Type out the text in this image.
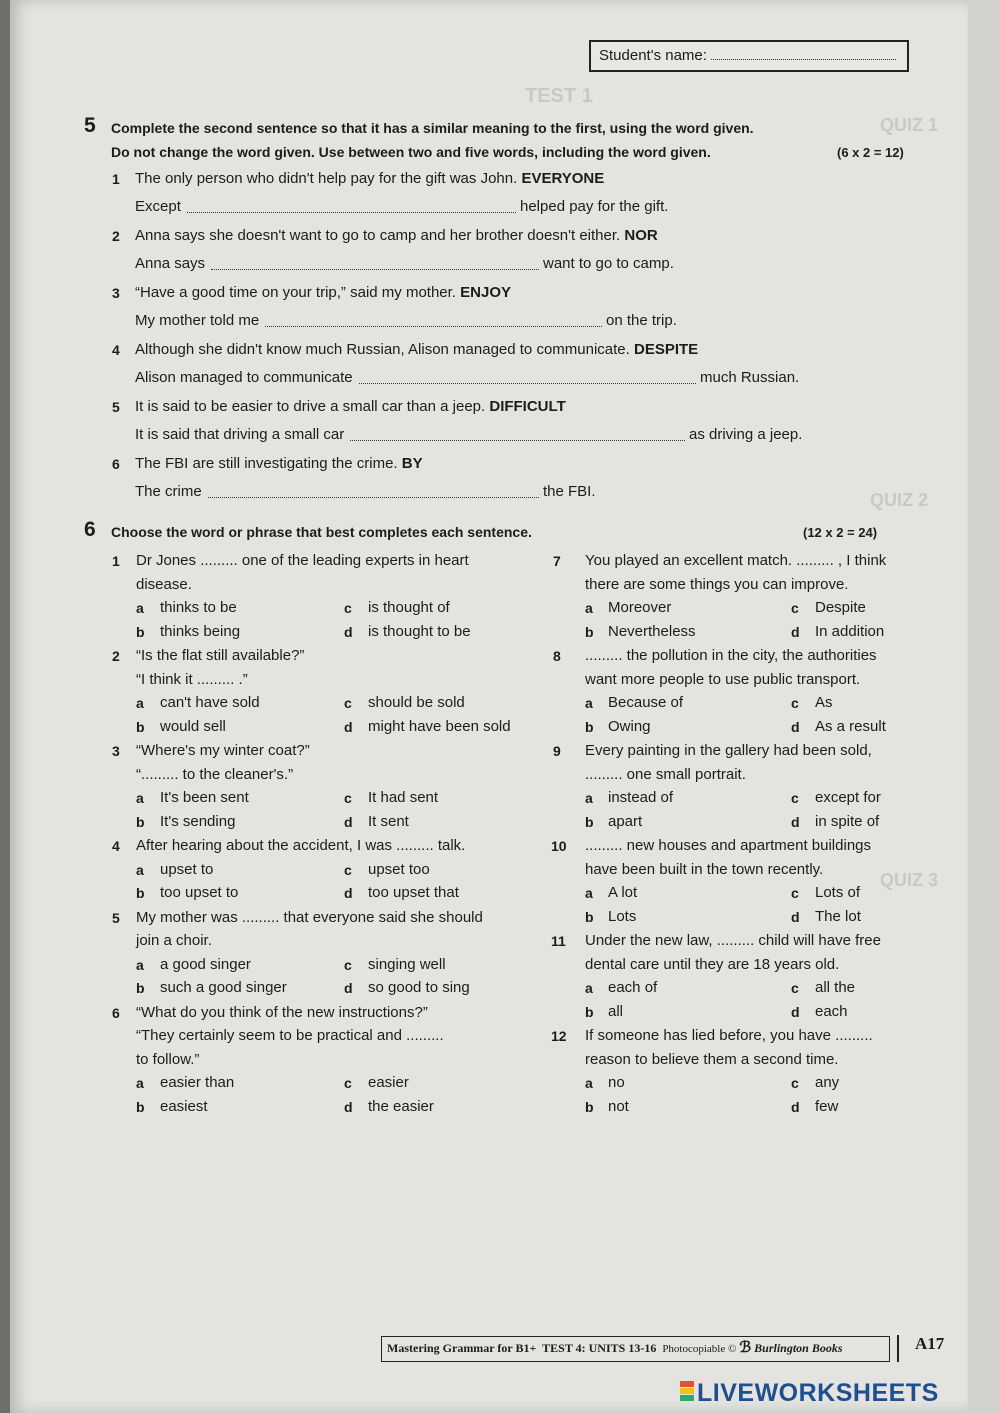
TEST 1
QUIZ 1
QUIZ 2
QUIZ 3
Student's name:
5 Complete the second sentence so that it has a similar meaning to the first, using the word given.
Do not change the word given. Use between two and five words, including the word given.	(6 x 2 = 12)
1 The only person who didn't help pay for the gift was John. EVERYONE
Except	helped pay for the gift.
2 Anna says she doesn't want to go to camp and her brother doesn't either. NOR
Anna says	want to go to camp.
3 “Have a good time on your trip,” said my mother. ENJOY
My mother told me	on the trip.
4 Although she didn't know much Russian, Alison managed to communicate. DESPITE
Alison managed to communicate	much Russian.
5 It is said to be easier to drive a small car than a jeep. DIFFICULT
It is said that driving a small car	as driving a jeep.
6 The FBI are still investigating the crime. BY
The crime	the FBI.
6 Choose the word or phrase that best completes each sentence.	(12 x 2 = 24)
1 Dr Jones ......... one of the leading experts in heart
disease.
a thinks to be
b thinks being
c is thought of
d is thought to be
2 “Is the flat still available?”
“I think it ......... .”
a can't have sold
b would sell
c should be sold
d might have been sold
3 “Where's my winter coat?”
“......... to the cleaner's.”
a It's been sent
b It's sending
c It had sent
d It sent
4 After hearing about the accident, I was ......... talk.
a upset to
b too upset to
c upset too
d too upset that
5 My mother was ......... that everyone said she should
join a choir.
a a good singer
b such a good singer
c singing well
d so good to sing
6 “What do you think of the new instructions?”
“They certainly seem to be practical and .........
to follow.”
a easier than
b easiest
c easier
d the easier
7 You played an excellent match. ......... , I think
there are some things you can improve.
a Moreover
b Nevertheless
c Despite
d In addition
8 ......... the pollution in the city, the authorities
want more people to use public transport.
a Because of
b Owing
c As
d As a result
9 Every painting in the gallery had been sold,
......... one small portrait.
a instead of
b apart
c except for
d in spite of
10 ......... new houses and apartment buildings
have been built in the town recently.
a A lot
b Lots
c Lots of
d The lot
11 Under the new law, ......... child will have free
dental care until they are 18 years old.
a each of
b all
c all the
d each
12 If someone has lied before, you have .........
reason to believe them a second time.
a no
b not
c any
d few
Mastering Grammar for B1+ TEST 4: UNITS 13-16 Photocopiable © ℬ Burlington Books	A17
LIVEWORKSHEETS
